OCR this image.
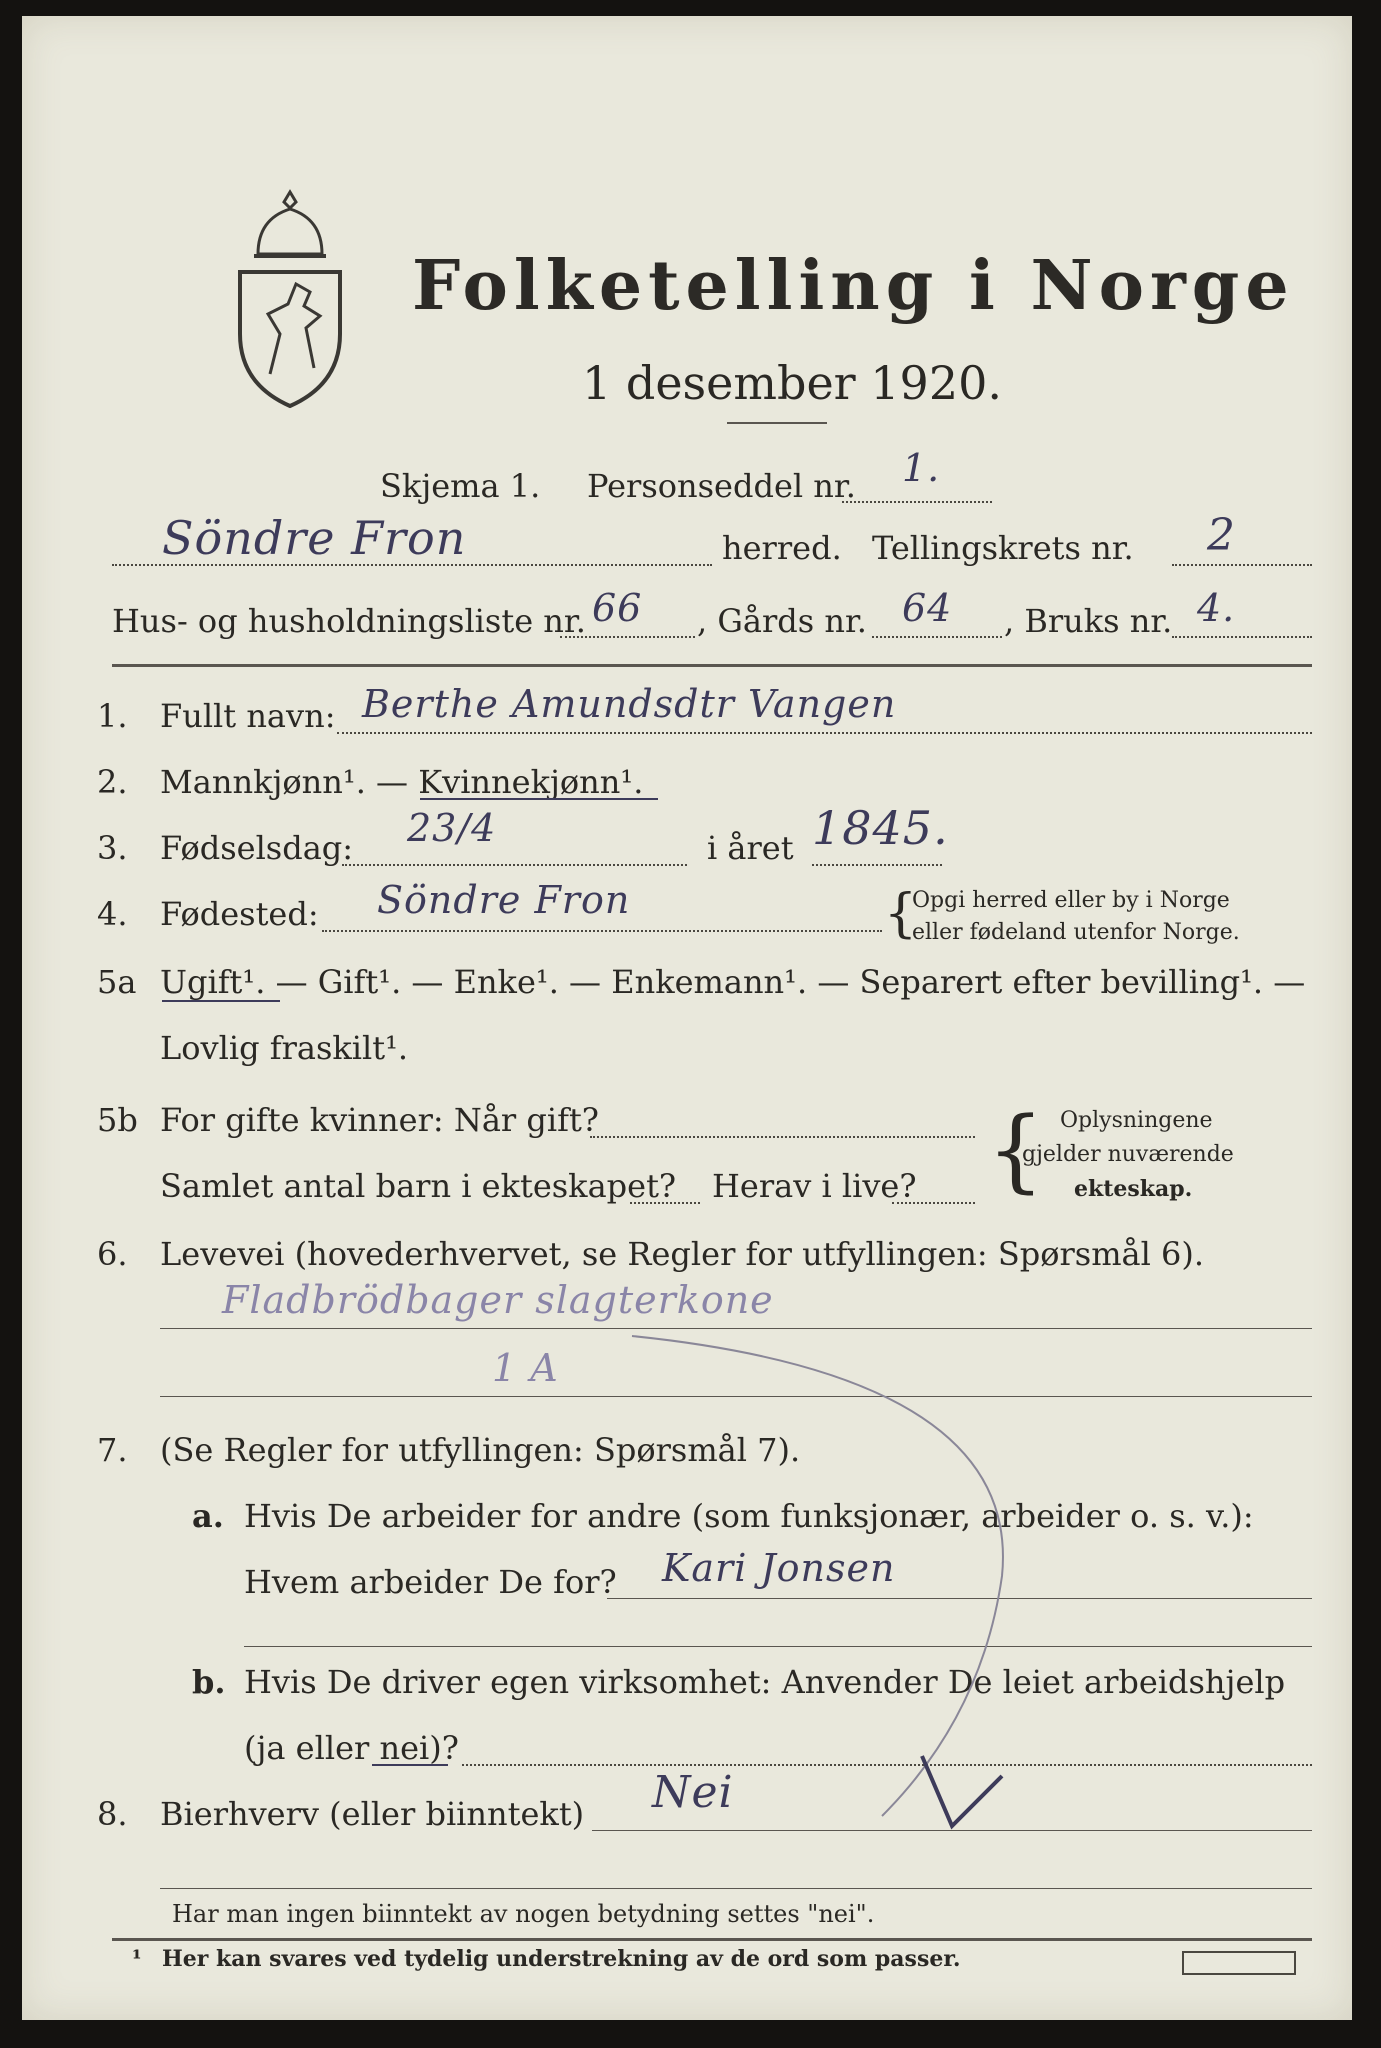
Folketelling i Norge
1 desember 1920.
Skjema 1. Personseddel nr. 1.
Söndre Fron	herred. Tellingskrets nr. 2
Hus- og husholdningsliste nr. 66 , Gårds nr. 64 , Bruks nr. 4.
1. Fullt navn: Berthe Amundsdtr Vangen
2. Mannkjønn¹. — Kvinnekjønn¹.
3. Fødselsdag: 23/4	i året 1845.
4. Fødested: Söndre Fron	{
Opgi herred eller by i Norge
eller fødeland utenfor Norge.
5a Ugift¹. — Gift¹. — Enke¹. — Enkemann¹. — Separert efter bevilling¹. —
Lovlig fraskilt¹.
5b For gifte kvinner: Når gift?
Samlet antal barn i ekteskapet? Herav i live? { Oplysningene
gjelder nuværende
ekteskap.
6. Levevei (hovederhvervet, se Regler for utfyllingen: Spørsmål 6).
Fladbrödbager slagterkone
1 A
7. (Se Regler for utfyllingen: Spørsmål 7).
a. Hvis De arbeider for andre (som funksjonær, arbeider o. s. v.):
Hvem arbeider De for? Kari Jonsen
b. Hvis De driver egen virksomhet: Anvender De leiet arbeidshjelp
(ja eller nei)?
8. Bierhverv (eller biinntekt) Nei
Har man ingen biinntekt av nogen betydning settes "nei".
¹ Her kan svares ved tydelig understrekning av de ord som passer.
